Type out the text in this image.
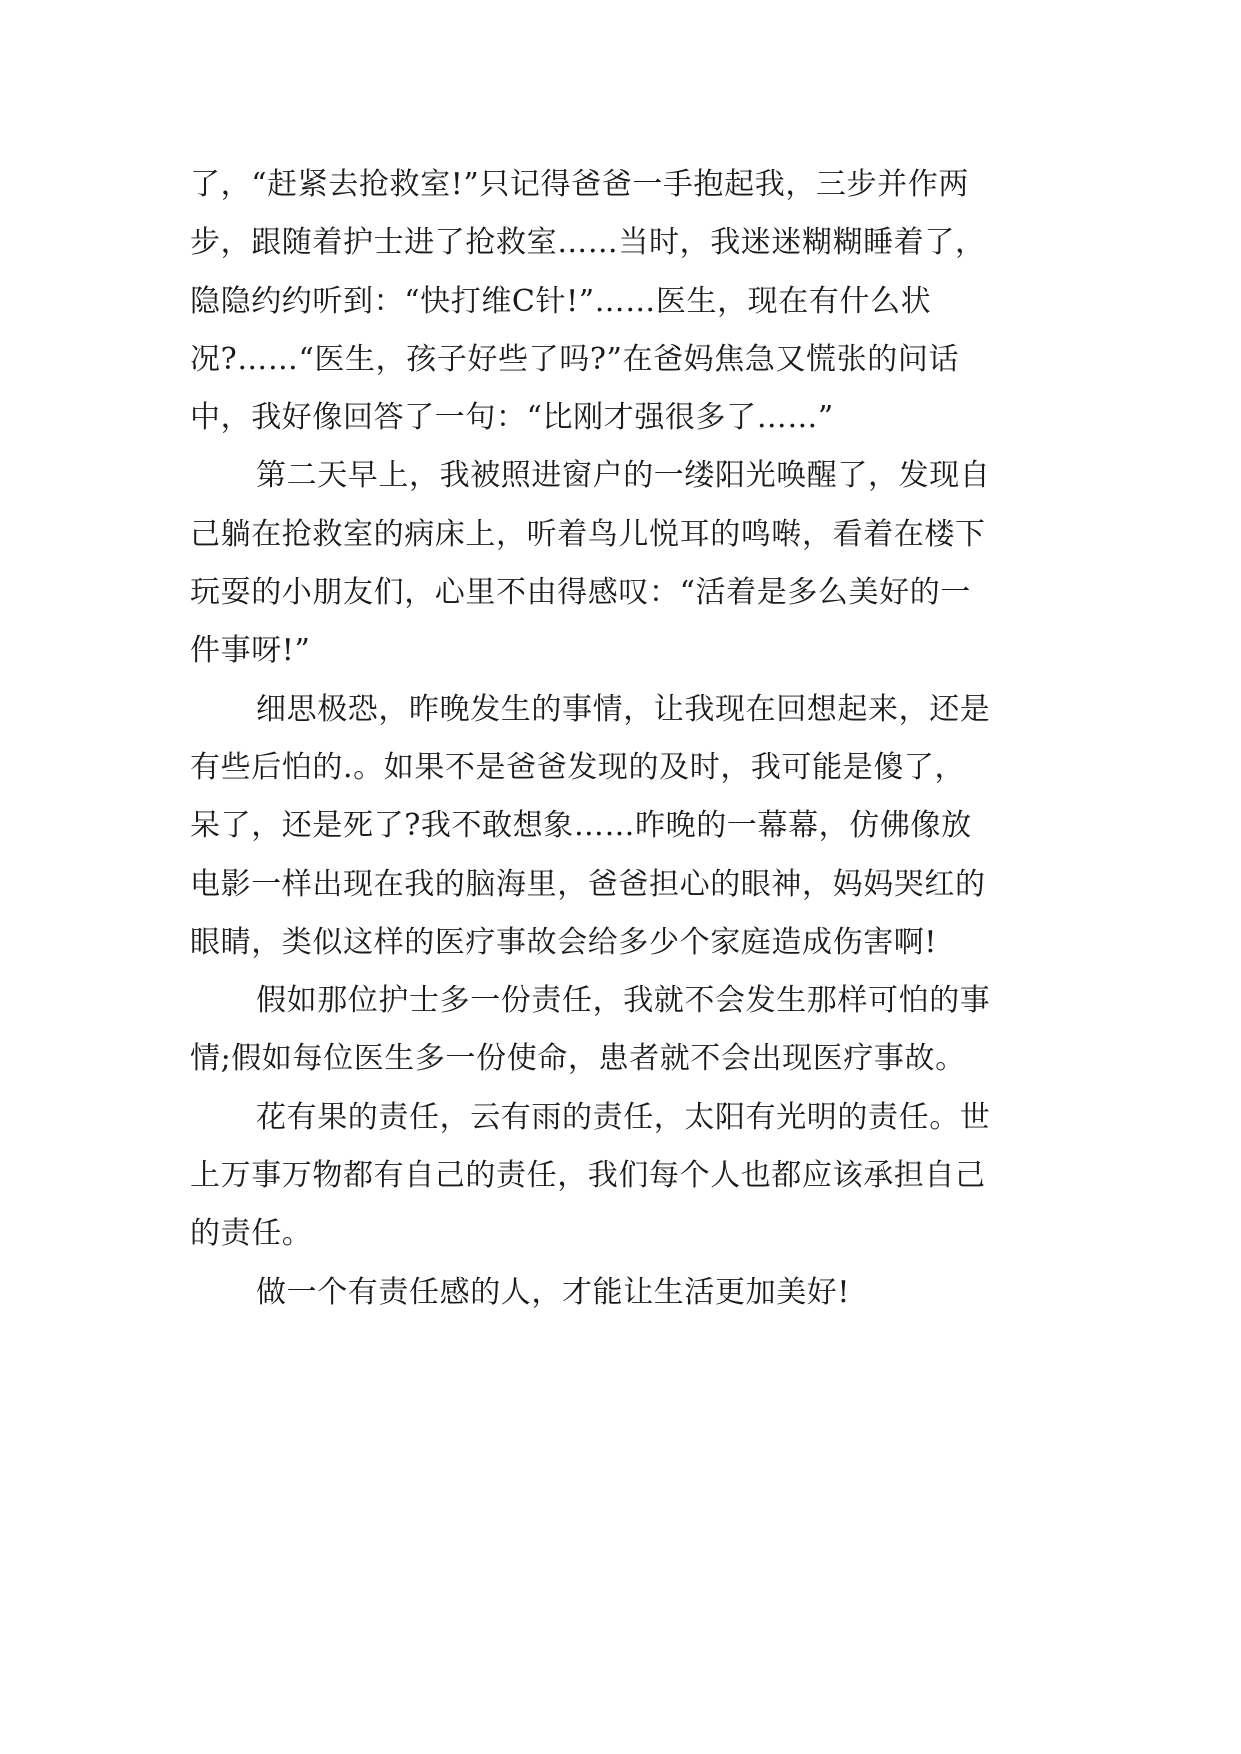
了，“赶紧去抢救室!”只记得爸爸一手抱起我，三步并作两
步，跟随着护士进了抢救室……当时，我迷迷糊糊睡着了，
隐隐约约听到：“快打维C针!”……医生，现在有什么状
况?……“医生，孩子好些了吗?”在爸妈焦急又慌张的问话
中，我好像回答了一句：“比刚才强很多了……”
第二天早上，我被照进窗户的一缕阳光唤醒了，发现自
己躺在抢救室的病床上，听着鸟儿悦耳的鸣啭，看着在楼下
玩耍的小朋友们，心里不由得感叹：“活着是多么美好的一
件事呀!”
细思极恐，昨晚发生的事情，让我现在回想起来，还是
有些后怕的.。如果不是爸爸发现的及时，我可能是傻了，
呆了，还是死了?我不敢想象……昨晚的一幕幕，仿佛像放
电影一样出现在我的脑海里，爸爸担心的眼神，妈妈哭红的
眼睛，类似这样的医疗事故会给多少个家庭造成伤害啊!
假如那位护士多一份责任，我就不会发生那样可怕的事
情;假如每位医生多一份使命，患者就不会出现医疗事故。
花有果的责任，云有雨的责任，太阳有光明的责任。世
上万事万物都有自己的责任，我们每个人也都应该承担自己
的责任。
做一个有责任感的人，才能让生活更加美好!
